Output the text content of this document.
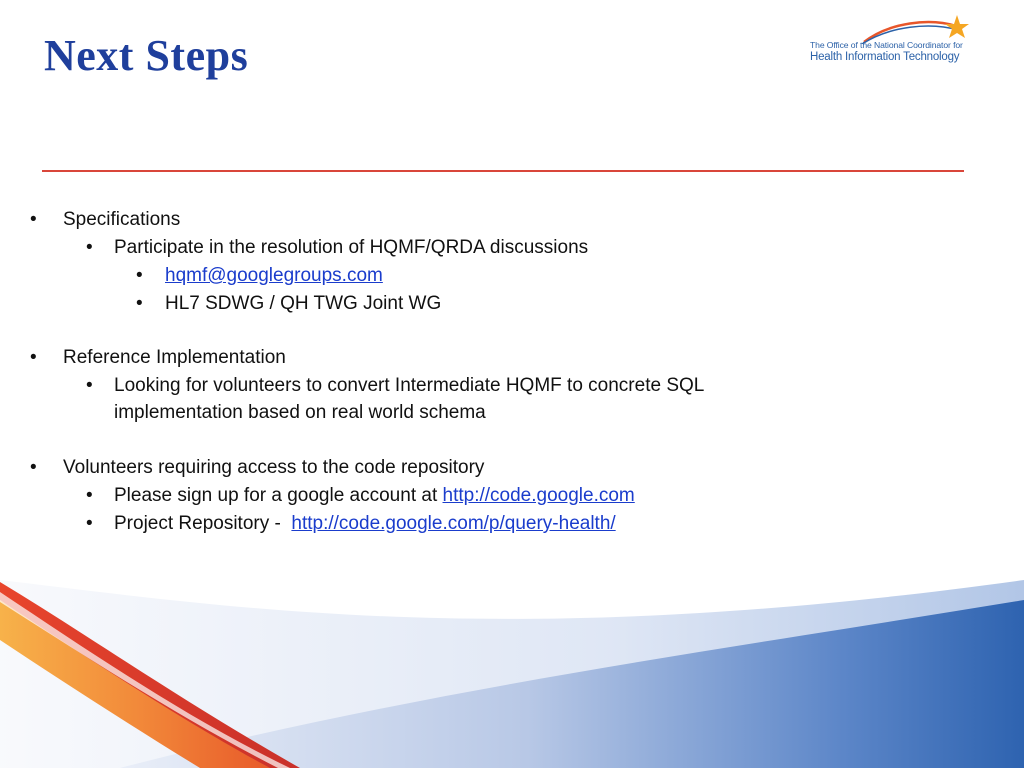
Next Steps	The Office of the National Coordinator for
Health Information Technology
• Specifications
• Participate in the resolution of HQMF/QRDA discussions
• hqmf@googlegroups.com
• HL7 SDWG / QH TWG Joint WG
• Reference Implementation
• Looking for volunteers to convert Intermediate HQMF to concrete SQL
implementation based on real world schema
• Volunteers requiring access to the code repository
• Please sign up for a google account at http://code.google.com
• Project Repository -  http://code.google.com/p/query-health/
